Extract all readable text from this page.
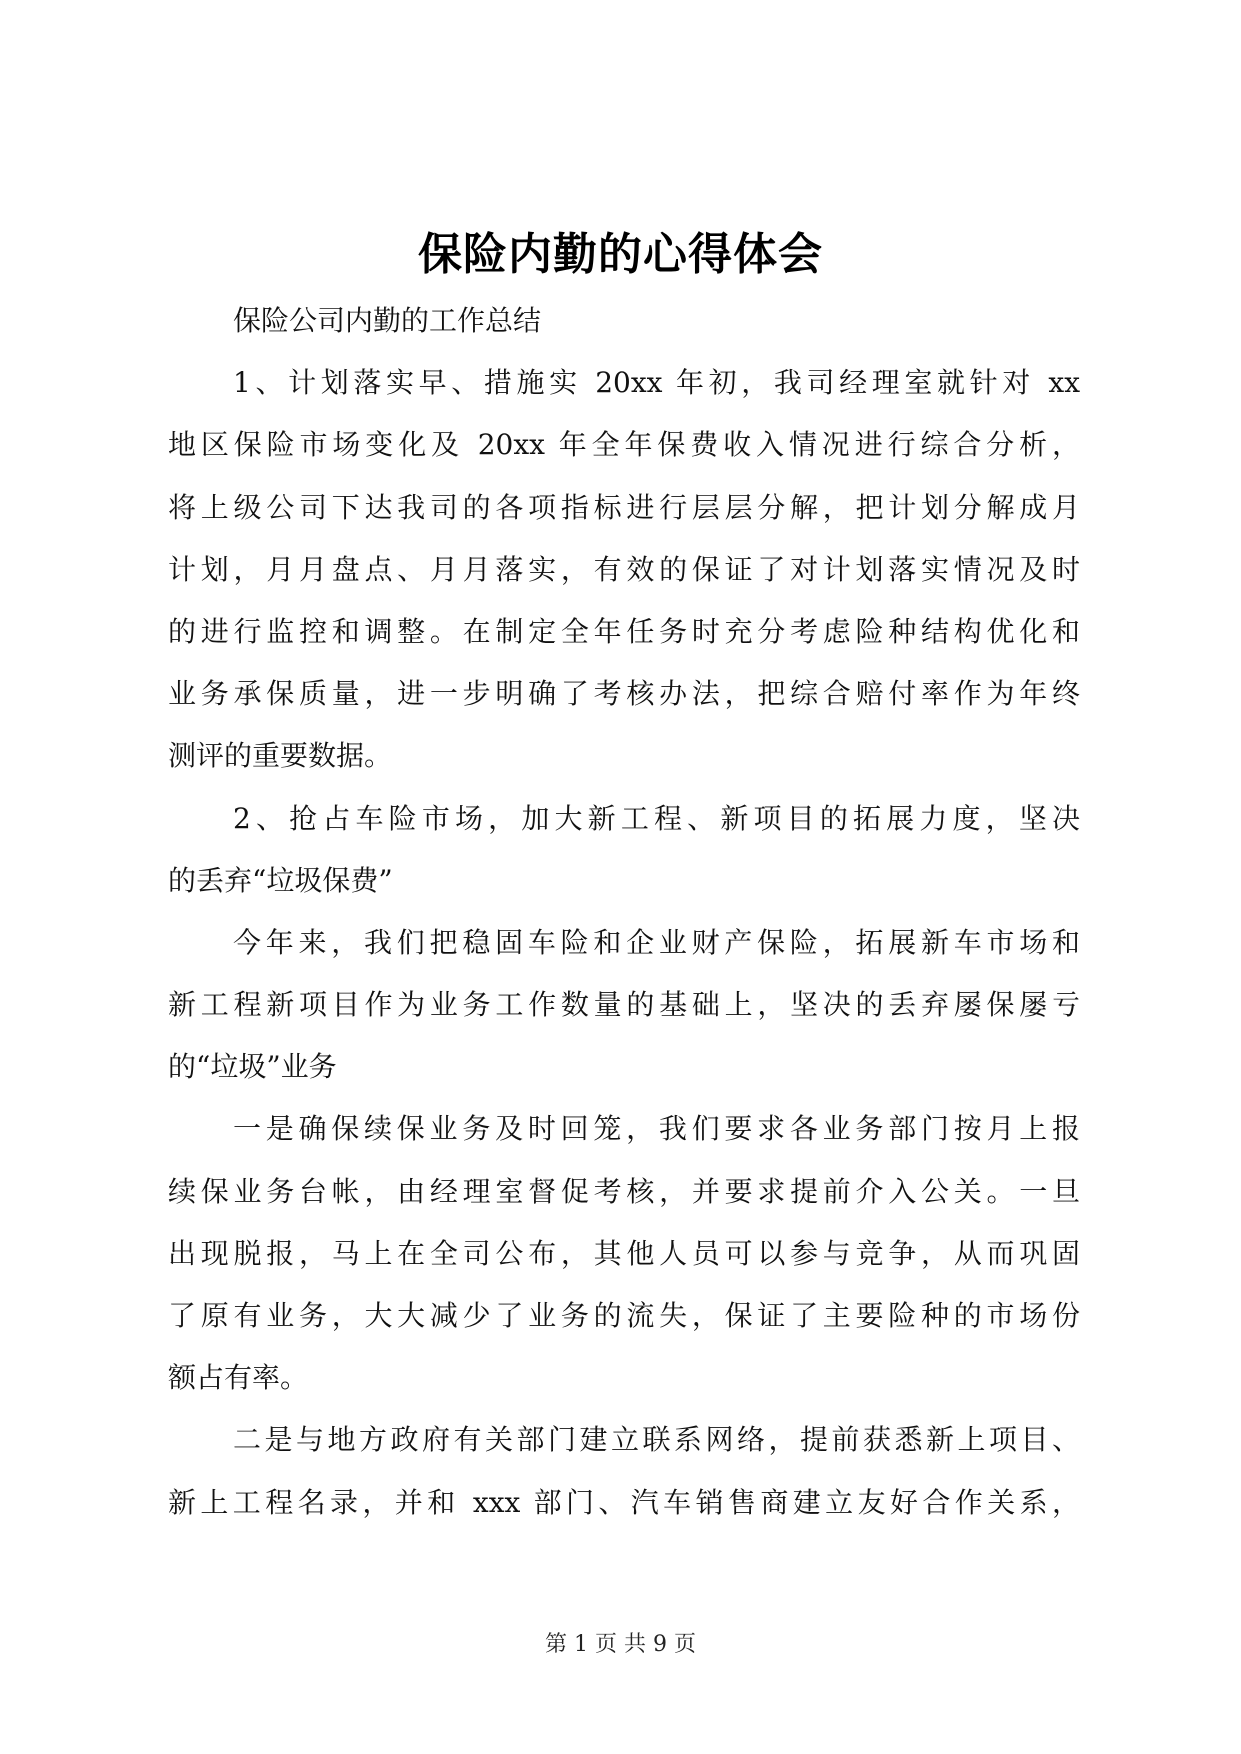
保险内勤的心得体会
保险公司内勤的工作总结
1、计划落实早、措施实 20xx 年初，我司经理室就针对 xx
地区保险市场变化及 20xx 年全年保费收入情况进行综合分析，
将上级公司下达我司的各项指标进行层层分解，把计划分解成月
计划，月月盘点、月月落实，有效的保证了对计划落实情况及时
的进行监控和调整。在制定全年任务时充分考虑险种结构优化和
业务承保质量，进一步明确了考核办法，把综合赔付率作为年终
测评的重要数据。
2、抢占车险市场，加大新工程、新项目的拓展力度，坚决
的丢弃“垃圾保费”
今年来，我们把稳固车险和企业财产保险，拓展新车市场和
新工程新项目作为业务工作数量的基础上，坚决的丢弃屡保屡亏
的“垃圾”业务
一是确保续保业务及时回笼，我们要求各业务部门按月上报
续保业务台帐，由经理室督促考核，并要求提前介入公关。一旦
出现脱报，马上在全司公布，其他人员可以参与竞争，从而巩固
了原有业务，大大减少了业务的流失，保证了主要险种的市场份
额占有率。
二是与地方政府有关部门建立联系网络，提前获悉新上项目、
新上工程名录，并和 xxx 部门、汽车销售商建立友好合作关系，
第 1 页 共 9 页
